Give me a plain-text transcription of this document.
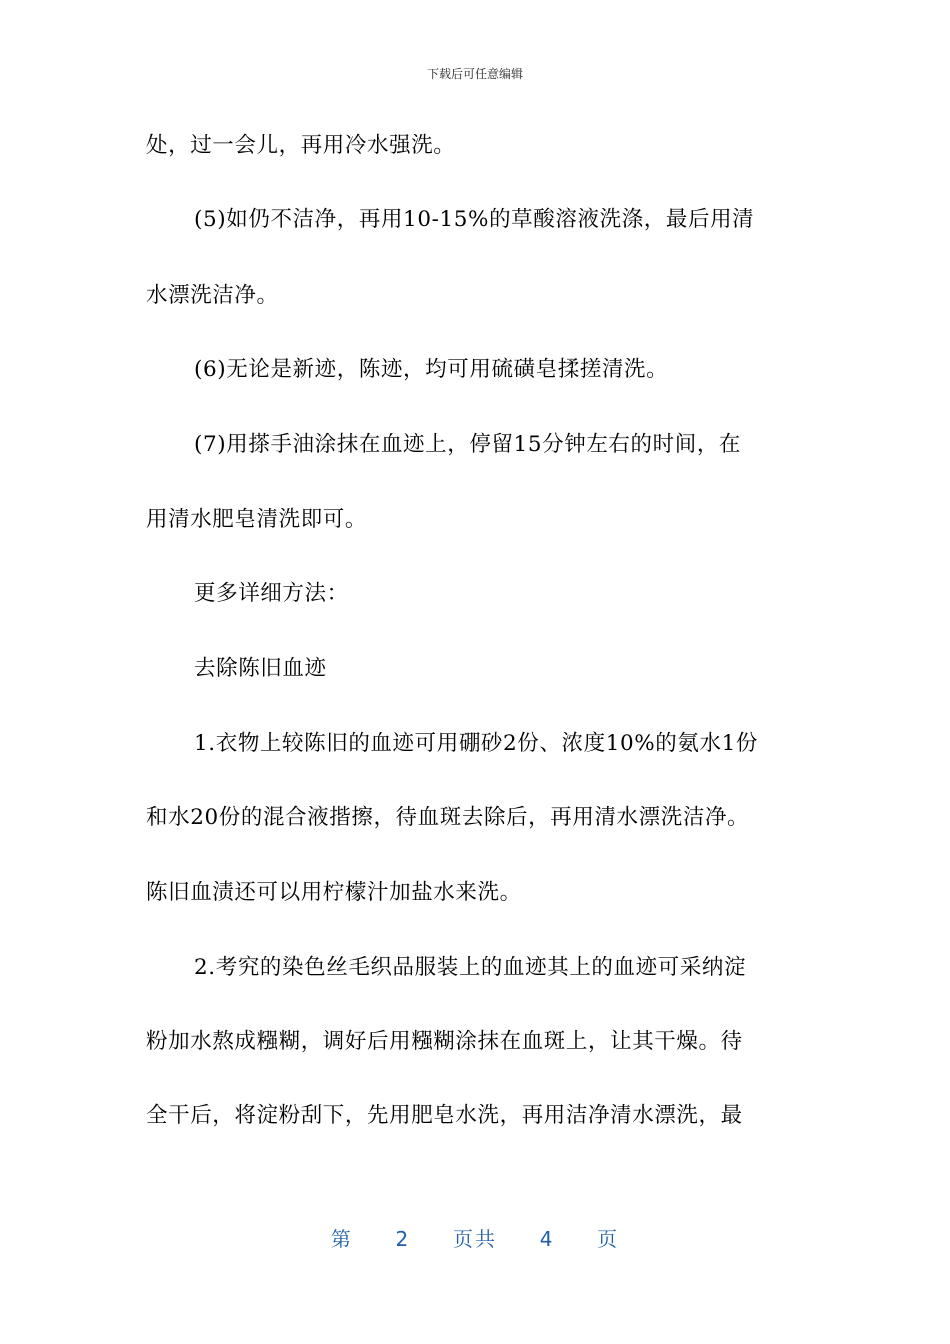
下载后可任意编辑
处，过一会儿，再用冷水强洗。
(5)如仍不洁净，再用10-15%的草酸溶液洗涤，最后用清
水漂洗洁净。
(6)无论是新迹，陈迹，均可用硫磺皂揉搓清洗。
(7)用搽手油涂抹在血迹上，停留15分钟左右的时间，在
用清水肥皂清洗即可。
更多详细方法：
去除陈旧血迹
1.衣物上较陈旧的血迹可用硼砂2份、浓度10%的氨水1份
和水20份的混合液揩擦，待血斑去除后，再用清水漂洗洁净。
陈旧血渍还可以用柠檬汁加盐水来洗。
2.考究的染色丝毛织品服装上的血迹其上的血迹可采纳淀
粉加水熬成糨糊，调好后用糨糊涂抹在血斑上，让其干燥。待
全干后，将淀粉刮下，先用肥皂水洗，再用洁净清水漂洗，最
第 2 页共 4 页
